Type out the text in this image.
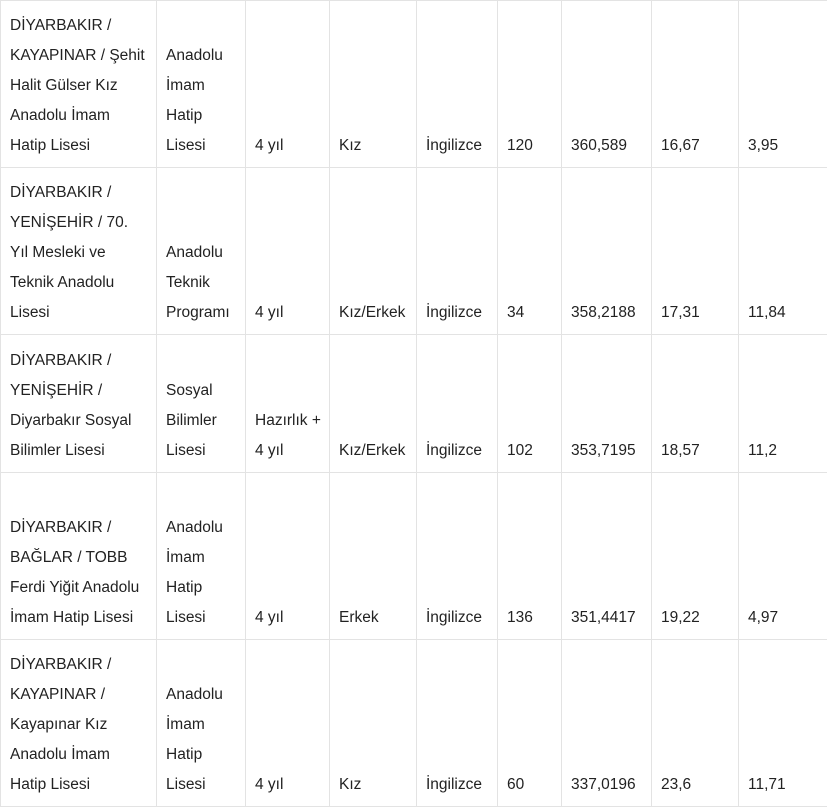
DİYARBAKIR / KAYAPINAR / Şehit Halit Gülser Kız Anadolu İmam Hatip Lisesi	Anadolu İmam Hatip Lisesi	4 yıl	Kız	İngilizce	120	360,589	16,67	3,95
DİYARBAKIR / YENİŞEHİR / 70. Yıl Mesleki ve Teknik Anadolu Lisesi	Anadolu Teknik Programı	4 yıl	Kız/Erkek	İngilizce	34	358,2188	17,31	11,84
DİYARBAKIR / YENİŞEHİR / Diyarbakır Sosyal Bilimler Lisesi	Sosyal Bilimler Lisesi	Hazırlık + 4 yıl	Kız/Erkek	İngilizce	102	353,7195	18,57	11,2
DİYARBAKIR / BAĞLAR / TOBB Ferdi Yiğit Anadolu İmam Hatip Lisesi	Anadolu İmam Hatip Lisesi	4 yıl	Erkek	İngilizce	136	351,4417	19,22	4,97
DİYARBAKIR / KAYAPINAR / Kayapınar Kız Anadolu İmam Hatip Lisesi	Anadolu İmam Hatip Lisesi	4 yıl	Kız	İngilizce	60	337,0196	23,6	11,71
